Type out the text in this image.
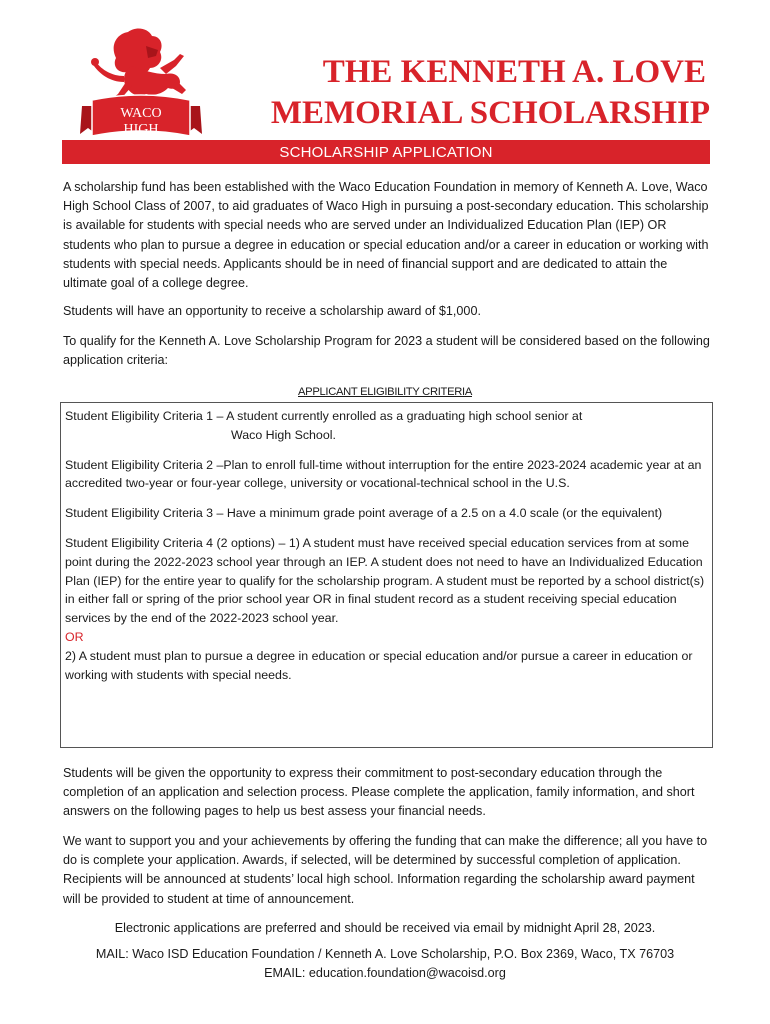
WACO
HIGH
THE KENNETH A. LOVE
MEMORIAL SCHOLARSHIP
SCHOLARSHIP APPLICATION

A scholarship fund has been established with the Waco Education Foundation in memory of Kenneth A. Love, Waco High School Class of 2007, to aid graduates of Waco High in pursuing a post-secondary education. This scholarship is available for students with special needs who are served under an Individualized Education Plan (IEP) OR students who plan to pursue a degree in education or special education and/or a career in education or working with students with special needs. Applicants should be in need of financial support and are dedicated to attain the ultimate goal of a college degree.

Students will have an opportunity to receive a scholarship award of $1,000.

To qualify for the Kenneth A. Love Scholarship Program for 2023 a student will be considered based on the following application criteria:

APPLICANT ELIGIBILITY CRITERIA

Student Eligibility Criteria 1 – A student currently enrolled as a graduating high school senior at
Waco High School.

Student Eligibility Criteria 2 –Plan to enroll full-time without interruption for the entire 2023-2024 academic year at an accredited two-year or four-year college, university or vocational-technical school in the U.S.

Student Eligibility Criteria 3 – Have a minimum grade point average of a 2.5 on a 4.0 scale (or the equivalent)

Student Eligibility Criteria 4 (2 options) – 1) A student must have received special education services from at some point during the 2022-2023 school year through an IEP. A student does not need to have an Individualized Education Plan (IEP) for the entire year to qualify for the scholarship program. A student must be reported by a school district(s) in either fall or spring of the prior school year OR in final student record as a student receiving special education services by the end of the 2022-2023 school year.
OR
2) A student must plan to pursue a degree in education or special education and/or pursue a career in education or working with students with special needs.

Students will be given the opportunity to express their commitment to post-secondary education through the completion of an application and selection process. Please complete the application, family information, and short answers on the following pages to help us best assess your financial needs.

We want to support you and your achievements by offering the funding that can make the difference; all you have to do is complete your application. Awards, if selected, will be determined by successful completion of application. Recipients will be announced at students’ local high school. Information regarding the scholarship award payment will be provided to student at time of announcement.

Electronic applications are preferred and should be received via email by midnight April 28, 2023.
MAIL: Waco ISD Education Foundation / Kenneth A. Love Scholarship, P.O. Box 2369, Waco, TX 76703
EMAIL: education.foundation@wacoisd.org
